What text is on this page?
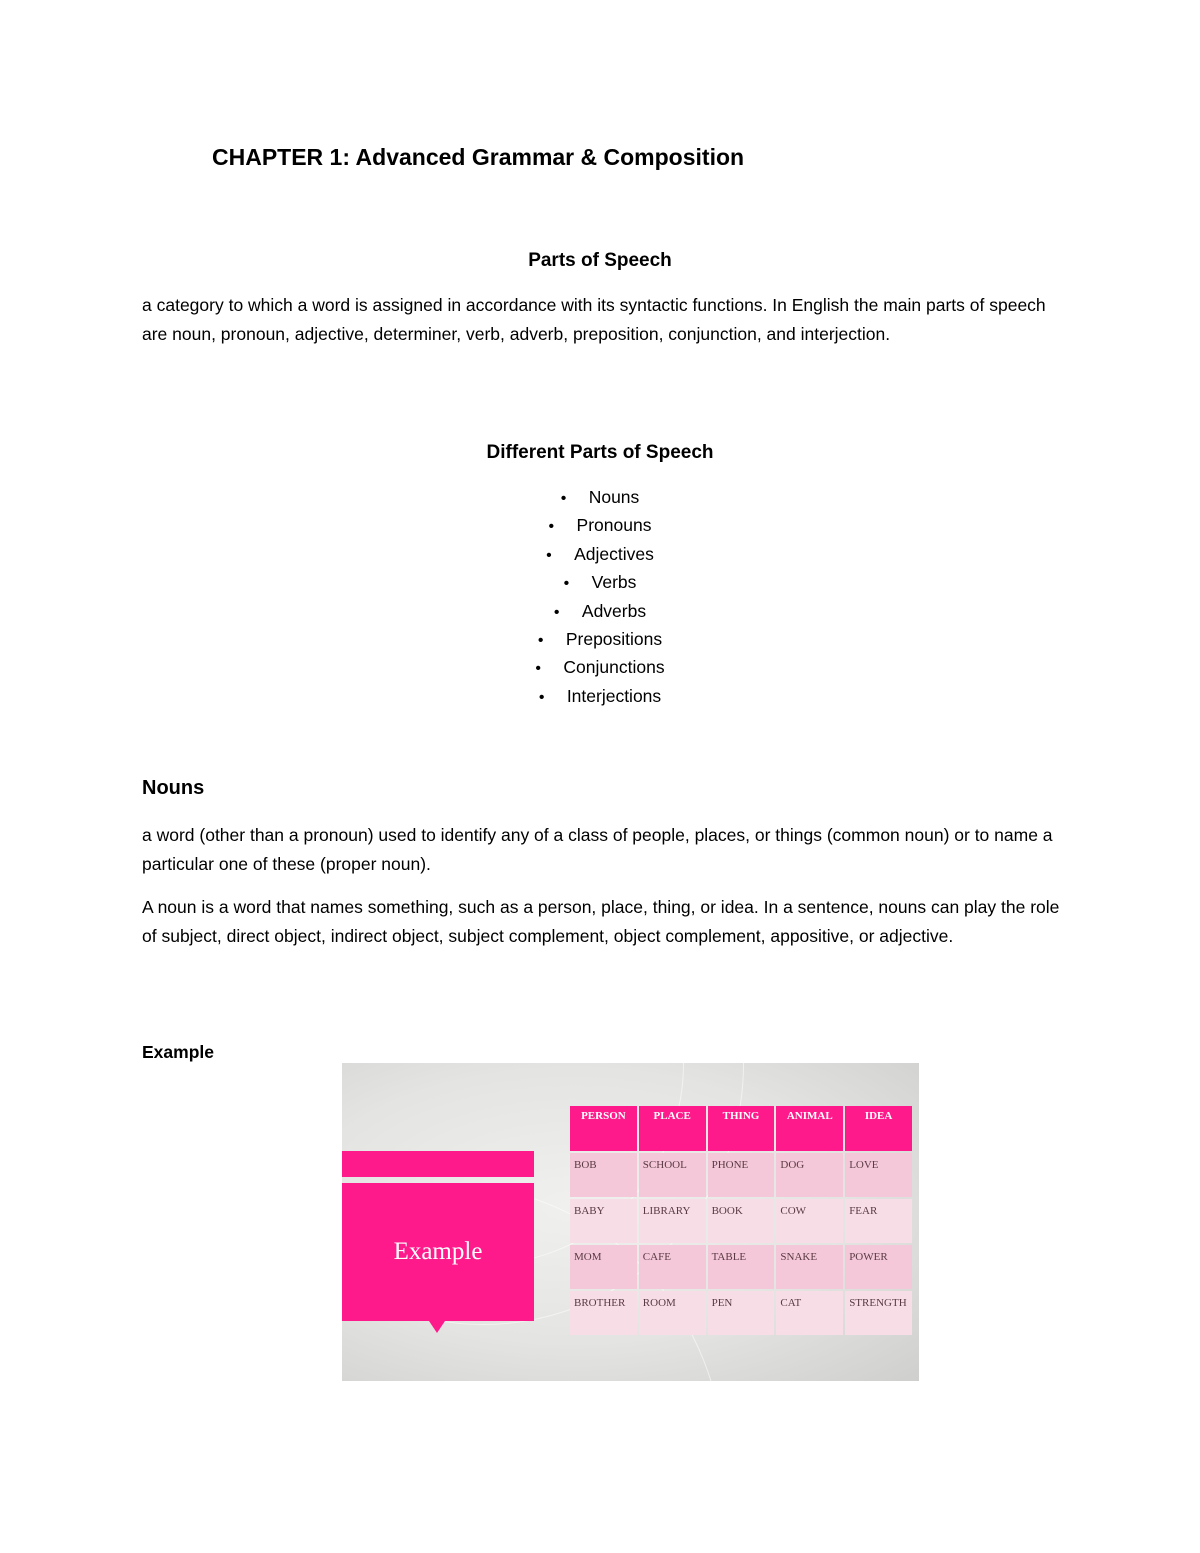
CHAPTER 1: Advanced Grammar & Composition
Parts of Speech

a category to which a word is assigned in accordance with its syntactic functions. In English the main parts of speech are noun, pronoun, adjective, determiner, verb, adverb, preposition, conjunction, and interjection.

Different Parts of Speech
• Nouns
• Pronouns
• Adjectives
• Verbs
• Adverbs
• Prepositions
• Conjunctions
• Interjections
Nouns

a word (other than a pronoun) used to identify any of a class of people, places, or things (common noun) or to name a particular one of these (proper noun).

A noun is a word that names something, such as a person, place, thing, or idea. In a sentence, nouns can play the role of subject, direct object, indirect object, subject complement, object complement, appositive, or adjective.

Example

Example
PERSON	PLACE	THING	ANIMAL	IDEA
BOB	SCHOOL	PHONE	DOG	LOVE
BABY	LIBRARY	BOOK	COW	FEAR
MOM	CAFE	TABLE	SNAKE	POWER
BROTHER	ROOM	PEN	CAT	STRENGTH
